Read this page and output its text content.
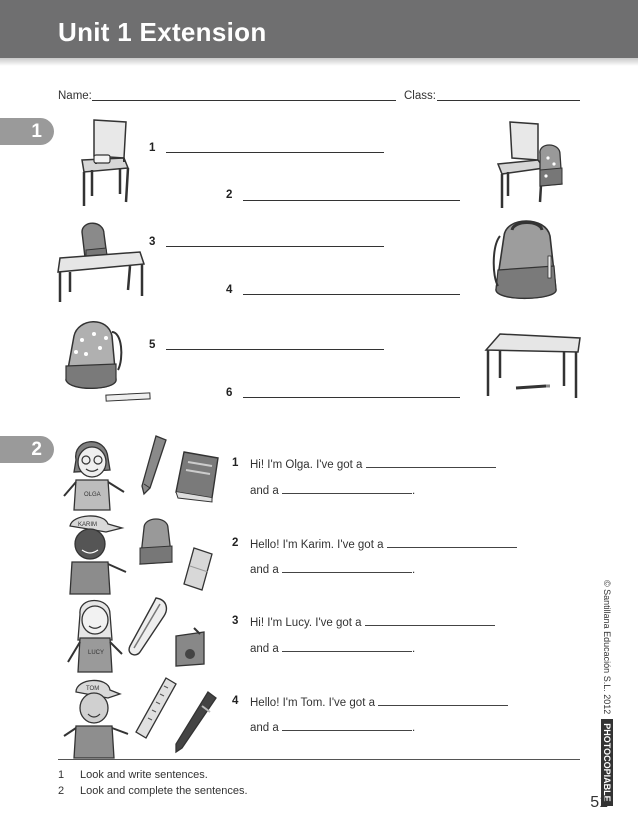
Unit 1 Extension
Name:	Class:
1
2
1
2
3
4
5
6
OLGA
1 Hi! I'm Olga. I've got a
and a	.
KARIM
2 Hello! I'm Karim. I've got a
and a	.
LUCY
3 Hi! I'm Lucy. I've got a
and a	.
TOM
4 Hello! I'm Tom. I've got a
and a	.
© Santillana Educación S.L. 2012PHOTOCOPIABLE
1 Look and write sentences.
2 Look and complete the sentences.
51
